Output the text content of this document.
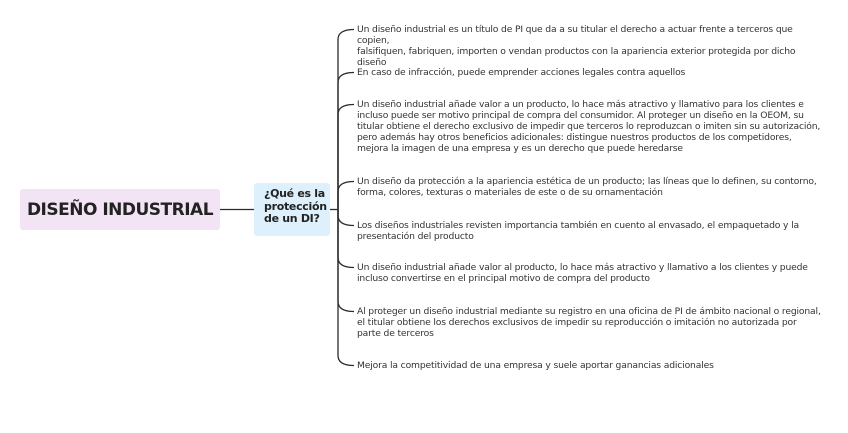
DISEÑO INDUSTRIAL
¿Qué es la
protección
de un DI?
Un diseño industrial es un título de PI que da a su titular el derecho a actuar frente a terceros que copien,
falsifiquen, fabriquen, importen o vendan productos con la apariencia exterior protegida por dicho
diseño
En caso de infracción, puede emprender acciones legales contra aquellos
Un diseño industrial añade valor a un producto, lo hace más atractivo y llamativo para los clientes e
incluso puede ser motivo principal de compra del consumidor. Al proteger un diseño en la OEOM, su
titular obtiene el derecho exclusivo de impedir que terceros lo reproduzcan o imiten sin su autorización,
pero además hay otros beneficios adicionales: distingue nuestros productos de los competidores,
mejora la imagen de una empresa y es un derecho que puede heredarse
Un diseño da protección a la apariencia estética de un producto; las líneas que lo definen, su contorno,
forma, colores, texturas o materiales de este o de su ornamentación
Los diseños industriales revisten importancia también en cuento al envasado, el empaquetado y la
presentación del producto
Un diseño industrial añade valor al producto, lo hace más atractivo y llamativo a los clientes y puede
incluso convertirse en el principal motivo de compra del producto
Al proteger un diseño industrial mediante su registro en una oficina de PI de ámbito nacional o regional,
el titular obtiene los derechos exclusivos de impedir su reproducción o imitación no autorizada por
parte de terceros
Mejora la competitividad de una empresa y suele aportar ganancias adicionales
